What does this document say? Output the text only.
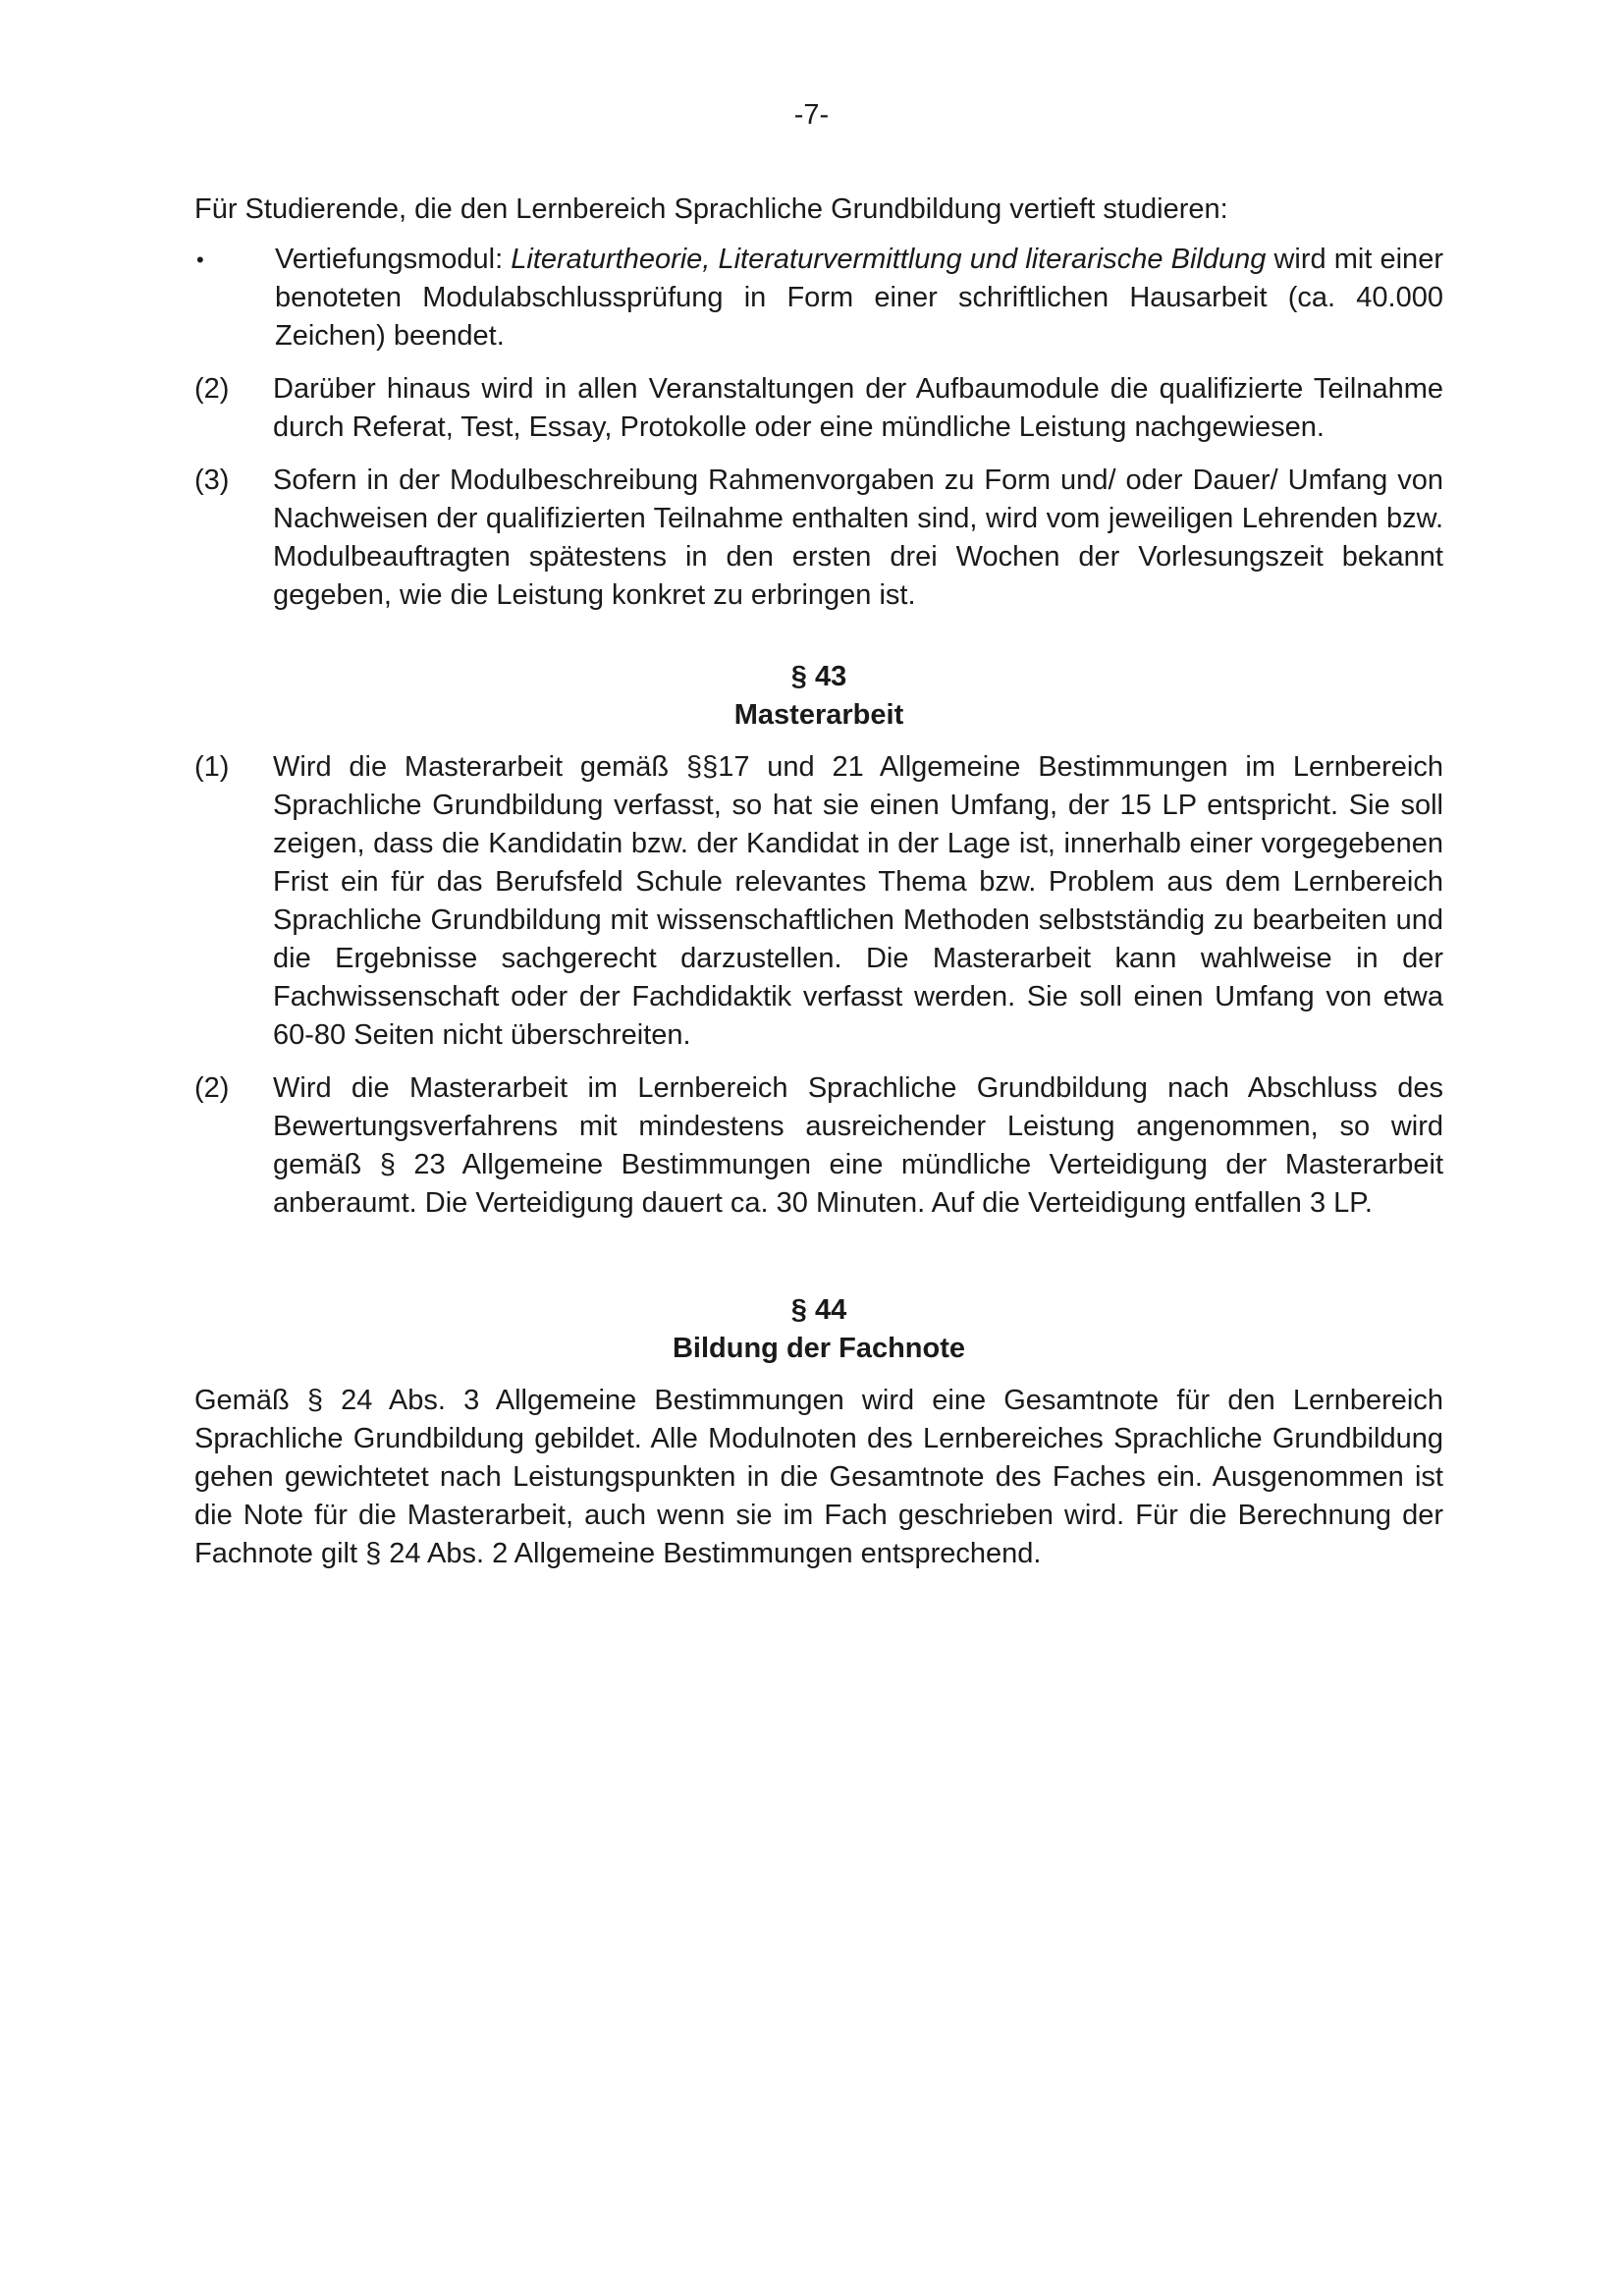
-7-

Für Studierende, die den Lernbereich Sprachliche Grundbildung vertieft studieren:

•	Vertiefungsmodul: Literaturtheorie, Literaturvermittlung und literarische Bildung wird mit einer benoteten Modulabschlussprüfung in Form einer schriftlichen Hausarbeit (ca. 40.000 Zeichen) beendet.
(2)	Darüber hinaus wird in allen Veranstaltungen der Aufbaumodule die qualifizierte Teilnahme durch Referat, Test, Essay, Protokolle oder eine mündliche Leistung nachgewiesen.
(3)	Sofern in der Modulbeschreibung Rahmenvorgaben zu Form und/ oder Dauer/ Umfang von Nachweisen der qualifizierten Teilnahme enthalten sind, wird vom jeweiligen Lehrenden bzw. Modulbeauftragten spätestens in den ersten drei Wochen der Vorlesungszeit bekannt gegeben, wie die Leistung konkret zu erbringen ist.

§ 43

Masterarbeit

(1)	Wird die Masterarbeit gemäß §§17 und 21 Allgemeine Bestimmungen im Lernbereich Sprachliche Grundbildung verfasst, so hat sie einen Umfang, der 15 LP entspricht. Sie soll zeigen, dass die Kandidatin bzw. der Kandidat in der Lage ist, innerhalb einer vorgegebenen Frist ein für das Berufsfeld Schule relevantes Thema bzw. Problem aus dem Lernbereich Sprachliche Grundbildung mit wissenschaftlichen Methoden selbstständig zu bearbeiten und die Ergebnisse sachgerecht darzustellen. Die Masterarbeit kann wahlweise in der Fachwissenschaft oder der Fachdidaktik verfasst werden. Sie soll einen Umfang von etwa 60-80 Seiten nicht überschreiten.
(2)	Wird die Masterarbeit im Lernbereich Sprachliche Grundbildung nach Abschluss des Bewertungsverfahrens mit mindestens ausreichender Leistung angenommen, so wird gemäß § 23 Allgemeine Bestimmungen eine mündliche Verteidigung der Masterarbeit anberaumt. Die Verteidigung dauert ca. 30 Minuten. Auf die Verteidigung entfallen 3 LP.

§ 44

Bildung der Fachnote

Gemäß § 24 Abs. 3 Allgemeine Bestimmungen wird eine Gesamtnote für den Lernbereich Sprachliche Grundbildung gebildet. Alle Modulnoten des Lernbereiches Sprachliche Grundbildung gehen gewichtetet nach Leistungspunkten in die Gesamtnote des Faches ein. Ausgenommen ist die Note für die Masterarbeit, auch wenn sie im Fach geschrieben wird. Für die Berechnung der Fachnote gilt § 24 Abs. 2 Allgemeine Bestimmungen entsprechend.
